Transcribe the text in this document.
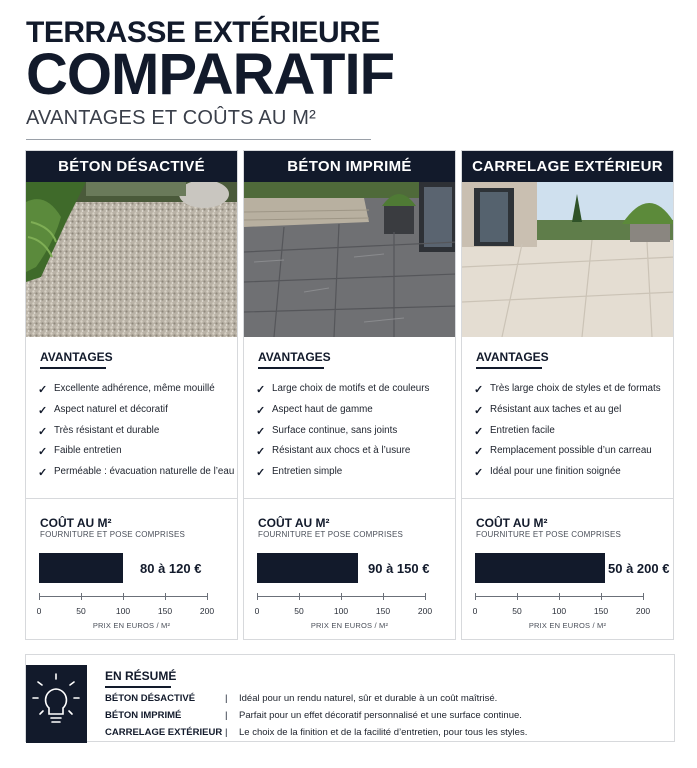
TERRASSE EXTÉRIEURE
COMPARATIF
AVANTAGES ET COÛTS AU M²
BÉTON DÉSACTIVÉ
AVANTAGES
✓ Excellente adhérence, même mouillé
✓ Aspect naturel et décoratif
✓ Très résistant et durable
✓ Faible entretien
✓ Perméable : évacuation naturelle de l’eau
COÛT AU M²
FOURNITURE ET POSE COMPRISES
80 à 120 €
0	50	100	150	200
PRIX EN EUROS / M²
BÉTON IMPRIMÉ
AVANTAGES
✓ Large choix de motifs et de couleurs
✓ Aspect haut de gamme
✓ Surface continue, sans joints
✓ Résistant aux chocs et à l’usure
✓ Entretien simple
COÛT AU M²
FOURNITURE ET POSE COMPRISES
90 à 150 €
0	50	100	150	200
PRIX EN EUROS / M²
CARRELAGE EXTÉRIEUR
AVANTAGES
✓ Très large choix de styles et de formats
✓ Résistant aux taches et au gel
✓ Entretien facile
✓ Remplacement possible d’un carreau
✓ Idéal pour une finition soignée
COÛT AU M²
FOURNITURE ET POSE COMPRISES
50 à 200 €
0	50	100	150	200
PRIX EN EUROS / M²
EN RÉSUMÉ
BÉTON DÉSACTIVÉ	| Idéal pour un rendu naturel, sûr et durable à un coût maîtrisé.
BÉTON IMPRIMÉ	| Parfait pour un effet décoratif personnalisé et une surface continue.
CARRELAGE EXTÉRIEUR | Le choix de la finition et de la facilité d’entretien, pour tous les styles.
